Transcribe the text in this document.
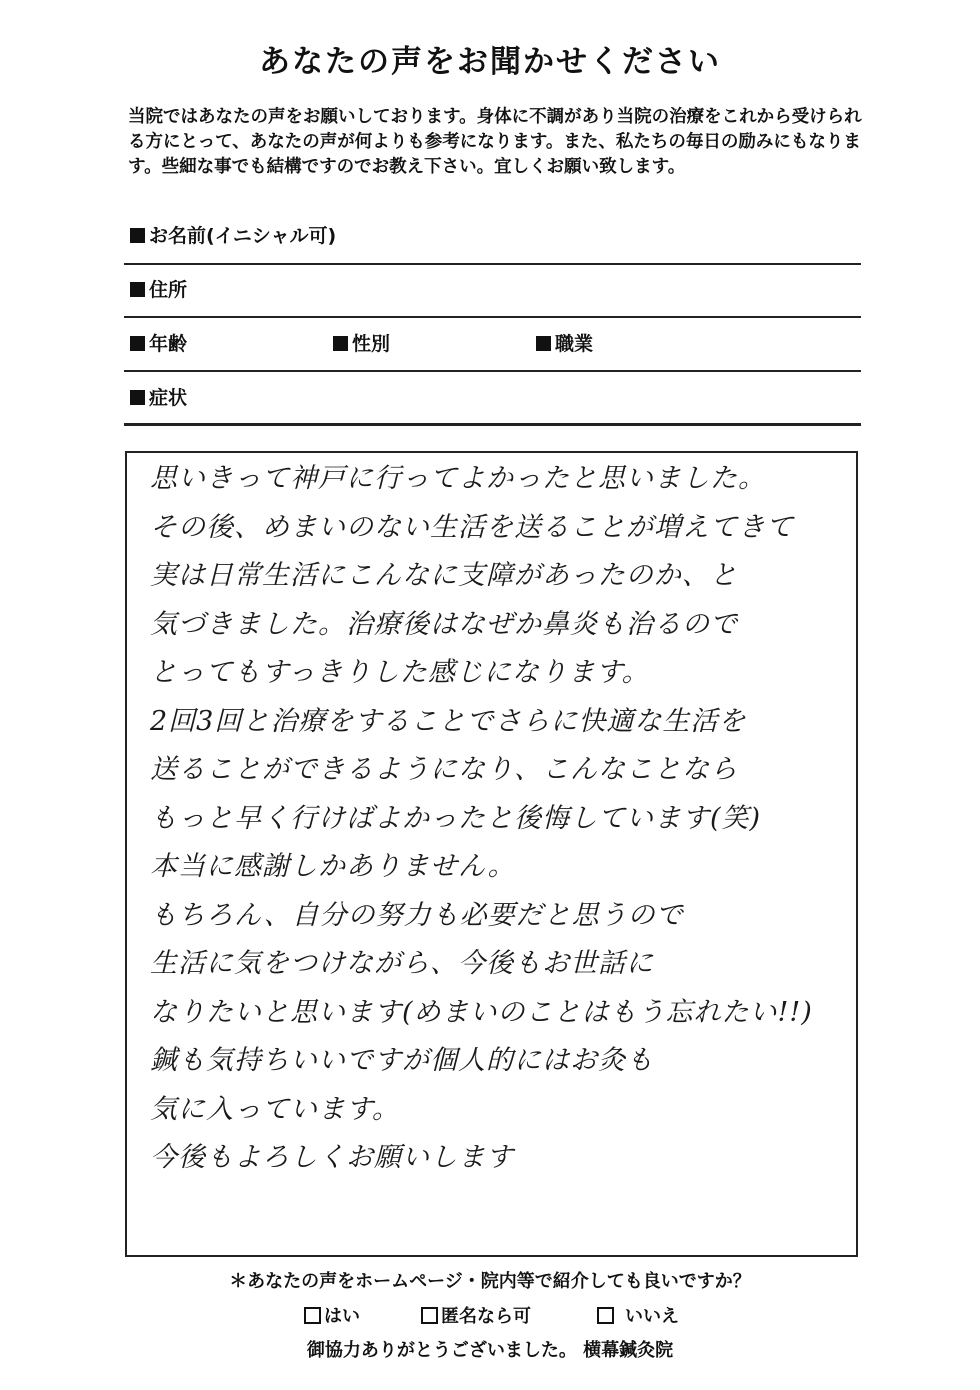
あなたの声をお聞かせください

当院ではあなたの声をお願いしております。身体に不調があり当院の治療をこれから受けられる方にとって、あなたの声が何よりも参考になります。また、私たちの毎日の励みにもなります。些細な事でも結構ですのでお教え下さい。宜しくお願い致します。

お名前(イニシャル可)
住所
年齢	性別	職業
症状
思いきって神戸に行ってよかったと思いました。
その後、めまいのない生活を送ることが増えてきて
実は日常生活にこんなに支障があったのか、と
気づきました。治療後はなぜか鼻炎も治るので
とってもすっきりした感じになります。
2回3回と治療をすることでさらに快適な生活を
送ることができるようになり、こんなことなら
もっと早く行けばよかったと後悔しています(笑)
本当に感謝しかありません。
もちろん、自分の努力も必要だと思うので
生活に気をつけながら、今後もお世話に
なりたいと思います(めまいのことはもう忘れたい!!)
鍼も気持ちいいですが個人的にはお灸も
気に入っています。
今後もよろしくお願いします
＊あなたの声をホームページ・院内等で紹介しても良いですか？
はい	匿名なら可	いいえ
御協力ありがとうございました。 横幕鍼灸院
